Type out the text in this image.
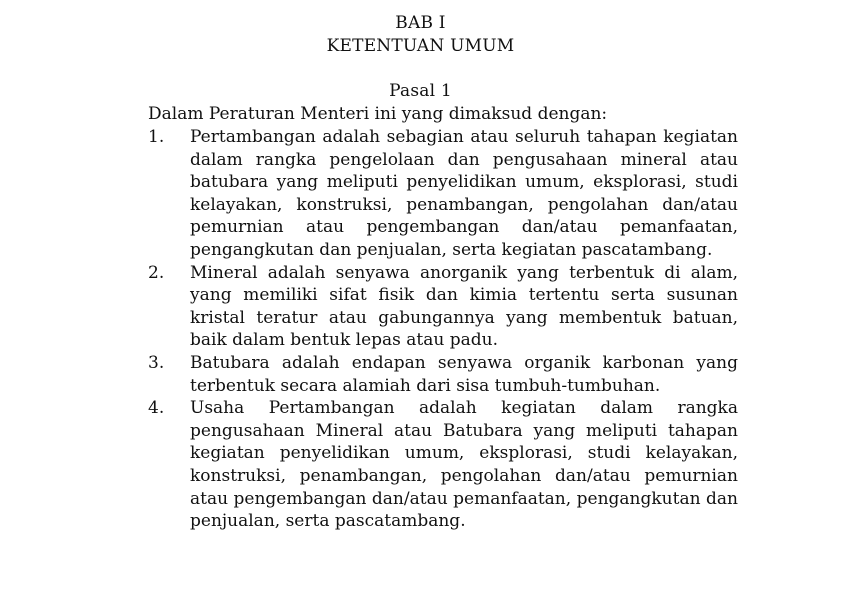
BAB I
KETENTUAN UMUM
Pasal 1
Dalam Peraturan Menteri ini yang dimaksud dengan:
1. Pertambangan adalah sebagian atau seluruh tahapan kegiatan dalam rangka pengelolaan dan pengusahaan mineral atau batubara yang meliputi penyelidikan umum, eksplorasi, studi kelayakan, konstruksi, penambangan, pengolahan dan/atau pemurnian atau pengembangan dan/atau pemanfaatan, pengangkutan dan penjualan, serta kegiatan pascatambang.
2. Mineral adalah senyawa anorganik yang terbentuk di alam, yang memiliki sifat fisik dan kimia tertentu serta susunan kristal teratur atau gabungannya yang membentuk batuan, baik dalam bentuk lepas atau padu.
3. Batubara adalah endapan senyawa organik karbonan yang terbentuk secara alamiah dari sisa tumbuh-tumbuhan.
4. Usaha Pertambangan adalah kegiatan dalam rangka pengusahaan Mineral atau Batubara yang meliputi tahapan kegiatan penyelidikan umum, eksplorasi, studi kelayakan, konstruksi, penambangan, pengolahan dan/atau pemurnian atau pengembangan dan/atau pemanfaatan, pengangkutan dan penjualan, serta pascatambang.
